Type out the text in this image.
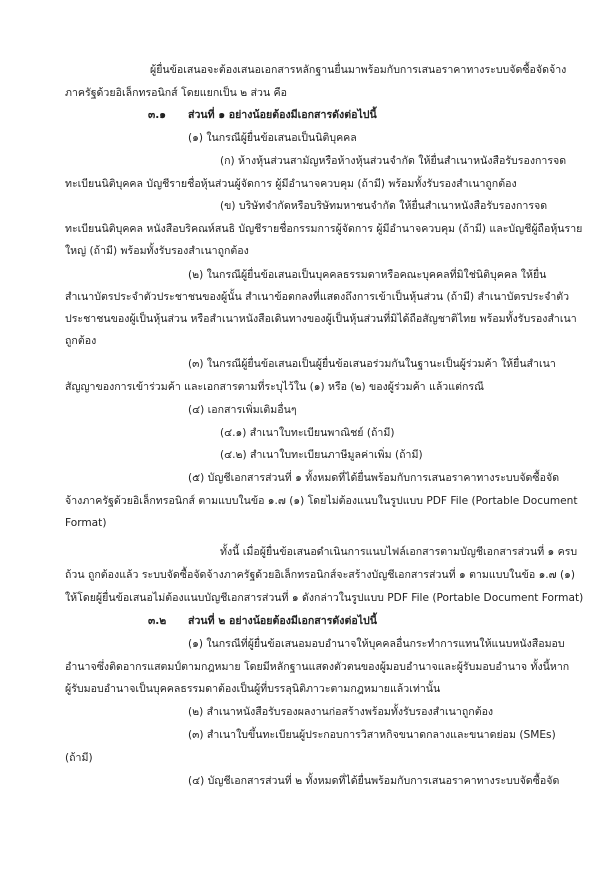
ผู้ยื่นข้อเสนอจะต้องเสนอเอกสารหลักฐานยื่นมาพร้อมกับการเสนอราคาทางระบบจัดซื้อจัดจ้าง
ภาครัฐด้วยอิเล็กทรอนิกส์ โดยแยกเป็น ๒ ส่วน คือ
๓.๑ ส่วนที่ ๑ อย่างน้อยต้องมีเอกสารดังต่อไปนี้
(๑) ในกรณีผู้ยื่นข้อเสนอเป็นนิติบุคคล
(ก) ห้างหุ้นส่วนสามัญหรือห้างหุ้นส่วนจำกัด ให้ยื่นสำเนาหนังสือรับรองการจด
ทะเบียนนิติบุคคล บัญชีรายชื่อหุ้นส่วนผู้จัดการ ผู้มีอำนาจควบคุม (ถ้ามี) พร้อมทั้งรับรองสำเนาถูกต้อง
(ข) บริษัทจำกัดหรือบริษัทมหาชนจำกัด ให้ยื่นสำเนาหนังสือรับรองการจด
ทะเบียนนิติบุคคล หนังสือบริคณห์สนธิ บัญชีรายชื่อกรรมการผู้จัดการ ผู้มีอำนาจควบคุม (ถ้ามี) และบัญชีผู้ถือหุ้นราย
ใหญ่ (ถ้ามี) พร้อมทั้งรับรองสำเนาถูกต้อง
(๒) ในกรณีผู้ยื่นข้อเสนอเป็นบุคคลธรรมดาหรือคณะบุคคลที่มิใช่นิติบุคคล ให้ยื่น
สำเนาบัตรประจำตัวประชาชนของผู้นั้น สำเนาข้อตกลงที่แสดงถึงการเข้าเป็นหุ้นส่วน (ถ้ามี) สำเนาบัตรประจำตัว
ประชาชนของผู้เป็นหุ้นส่วน หรือสำเนาหนังสือเดินทางของผู้เป็นหุ้นส่วนที่มิได้ถือสัญชาติไทย พร้อมทั้งรับรองสำเนา
ถูกต้อง
(๓) ในกรณีผู้ยื่นข้อเสนอเป็นผู้ยื่นข้อเสนอร่วมกันในฐานะเป็นผู้ร่วมค้า ให้ยื่นสำเนา
สัญญาของการเข้าร่วมค้า และเอกสารตามที่ระบุไว้ใน (๑) หรือ (๒) ของผู้ร่วมค้า แล้วแต่กรณี
(๔) เอกสารเพิ่มเติมอื่นๆ
(๔.๑) สำเนาใบทะเบียนพาณิชย์ (ถ้ามี)
(๔.๒) สำเนาใบทะเบียนภาษีมูลค่าเพิ่ม (ถ้ามี)
(๕) บัญชีเอกสารส่วนที่ ๑ ทั้งหมดที่ได้ยื่นพร้อมกับการเสนอราคาทางระบบจัดซื้อจัด
จ้างภาครัฐด้วยอิเล็กทรอนิกส์ ตามแบบในข้อ ๑.๗ (๑) โดยไม่ต้องแนบในรูปแบบ PDF File (Portable Document
Format)
ทั้งนี้ เมื่อผู้ยื่นข้อเสนอดำเนินการแนบไฟล์เอกสารตามบัญชีเอกสารส่วนที่ ๑ ครบ
ถ้วน ถูกต้องแล้ว ระบบจัดซื้อจัดจ้างภาครัฐด้วยอิเล็กทรอนิกส์จะสร้างบัญชีเอกสารส่วนที่ ๑ ตามแบบในข้อ ๑.๗ (๑)
ให้โดยผู้ยื่นข้อเสนอไม่ต้องแนบบัญชีเอกสารส่วนที่ ๑ ดังกล่าวในรูปแบบ PDF File (Portable Document Format)
๓.๒ ส่วนที่ ๒ อย่างน้อยต้องมีเอกสารดังต่อไปนี้
(๑) ในกรณีที่ผู้ยื่นข้อเสนอมอบอำนาจให้บุคคลอื่นกระทำการแทนให้แนบหนังสือมอบ
อำนาจซึ่งติดอากรแสตมป์ตามกฎหมาย โดยมีหลักฐานแสดงตัวตนของผู้มอบอำนาจและผู้รับมอบอำนาจ ทั้งนี้หาก
ผู้รับมอบอำนาจเป็นบุคคลธรรมดาต้องเป็นผู้ที่บรรลุนิติภาวะตามกฎหมายแล้วเท่านั้น
(๒) สำเนาหนังสือรับรองผลงานก่อสร้างพร้อมทั้งรับรองสำเนาถูกต้อง
(๓) สำเนาใบขึ้นทะเบียนผู้ประกอบการวิสาหกิจขนาดกลางและขนาดย่อม (SMEs)
(ถ้ามี)
(๔) บัญชีเอกสารส่วนที่ ๒ ทั้งหมดที่ได้ยื่นพร้อมกับการเสนอราคาทางระบบจัดซื้อจัด
